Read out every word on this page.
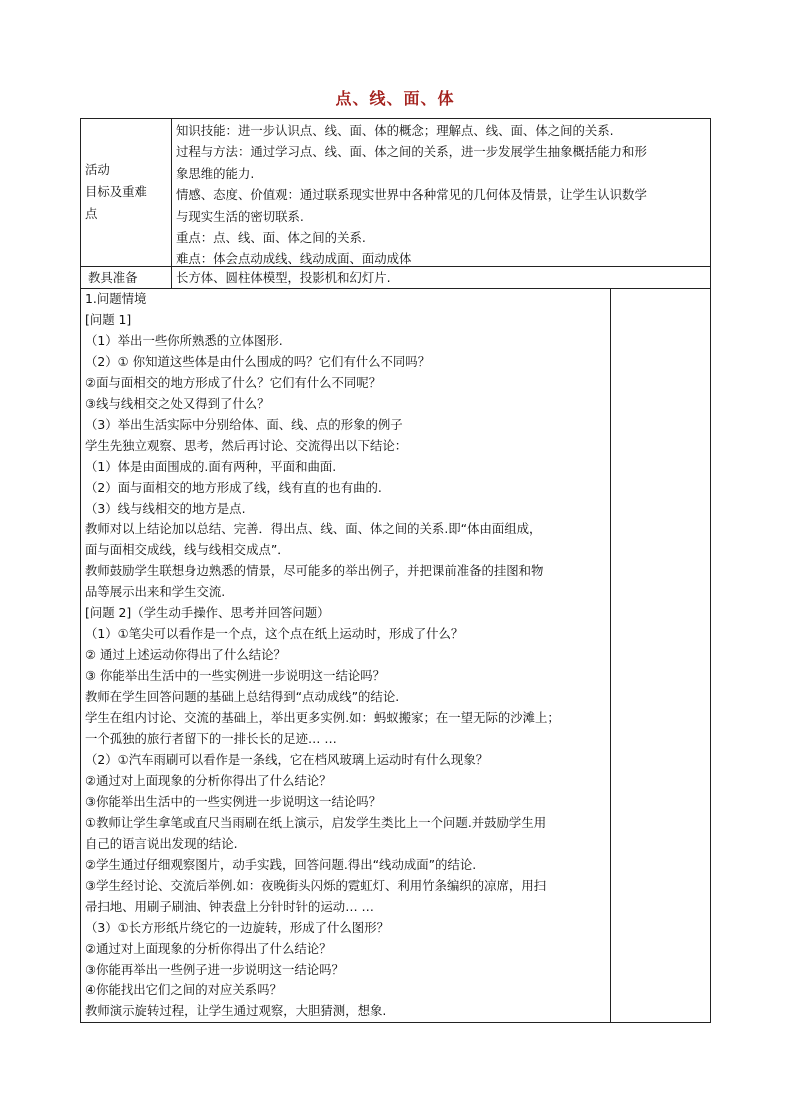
点、线、面、体

活动

目标及重难

点

知识技能：进一步认识点、线、面、体的概念；理解点、线、面、体之间的关系.

过程与方法：通过学习点、线、面、体之间的关系，进一步发展学生抽象概括能力和形

象思维的能力.

情感、态度、价值观：通过联系现实世界中各种常见的几何体及情景，让学生认识数学

与现实生活的密切联系.

重点：点、线、面、体之间的关系.

难点：体会点动成线、线动成面、面动成体

教具准备	长方体、圆柱体模型，投影机和幻灯片.

1.问题情境

[问题 1]

（1）举出一些你所熟悉的立体图形.

（2）① 你知道这些体是由什么围成的吗？它们有什么不同吗？

②面与面相交的地方形成了什么？它们有什么不同呢？

③线与线相交之处又得到了什么？

（3）举出生活实际中分别给体、面、线、点的形象的例子

学生先独立观察、思考，然后再讨论、交流得出以下结论：

（1）体是由面围成的.面有两种，平面和曲面.

（2）面与面相交的地方形成了线，线有直的也有曲的.

（3）线与线相交的地方是点.

教师对以上结论加以总结、完善．得出点、线、面、体之间的关系.即“体由面组成，

面与面相交成线，线与线相交成点”．

教师鼓励学生联想身边熟悉的情景，尽可能多的举出例子，并把课前准备的挂图和物

品等展示出来和学生交流.

[问题 2]（学生动手操作、思考并回答问题）

（1）①笔尖可以看作是一个点，这个点在纸上运动时，形成了什么？

② 通过上述运动你得出了什么结论？

③ 你能举出生活中的一些实例进一步说明这一结论吗？

教师在学生回答问题的基础上总结得到“点动成线”的结论.

学生在组内讨论、交流的基础上，举出更多实例.如：蚂蚁搬家；在一望无际的沙滩上；

一个孤独的旅行者留下的一排长长的足迹… …

（2）①汽车雨刷可以看作是一条线，它在档风玻璃上运动时有什么现象？

②通过对上面现象的分析你得出了什么结论？

③你能举出生活中的一些实例进一步说明这一结论吗？

①教师让学生拿笔或直尺当雨刷在纸上演示，启发学生类比上一个问题.并鼓励学生用

自己的语言说出发现的结论.

②学生通过仔细观察图片，动手实践，回答问题.得出“线动成面”的结论.

③学生经讨论、交流后举例.如：夜晚街头闪烁的霓虹灯、利用竹条编织的凉席，用扫

帚扫地、用刷子刷油、钟表盘上分针时针的运动… …

（3）①长方形纸片绕它的一边旋转，形成了什么图形？

②通过对上面现象的分析你得出了什么结论？

③你能再举出一些例子进一步说明这一结论吗？

④你能找出它们之间的对应关系吗？

教师演示旋转过程，让学生通过观察，大胆猜测，想象.
